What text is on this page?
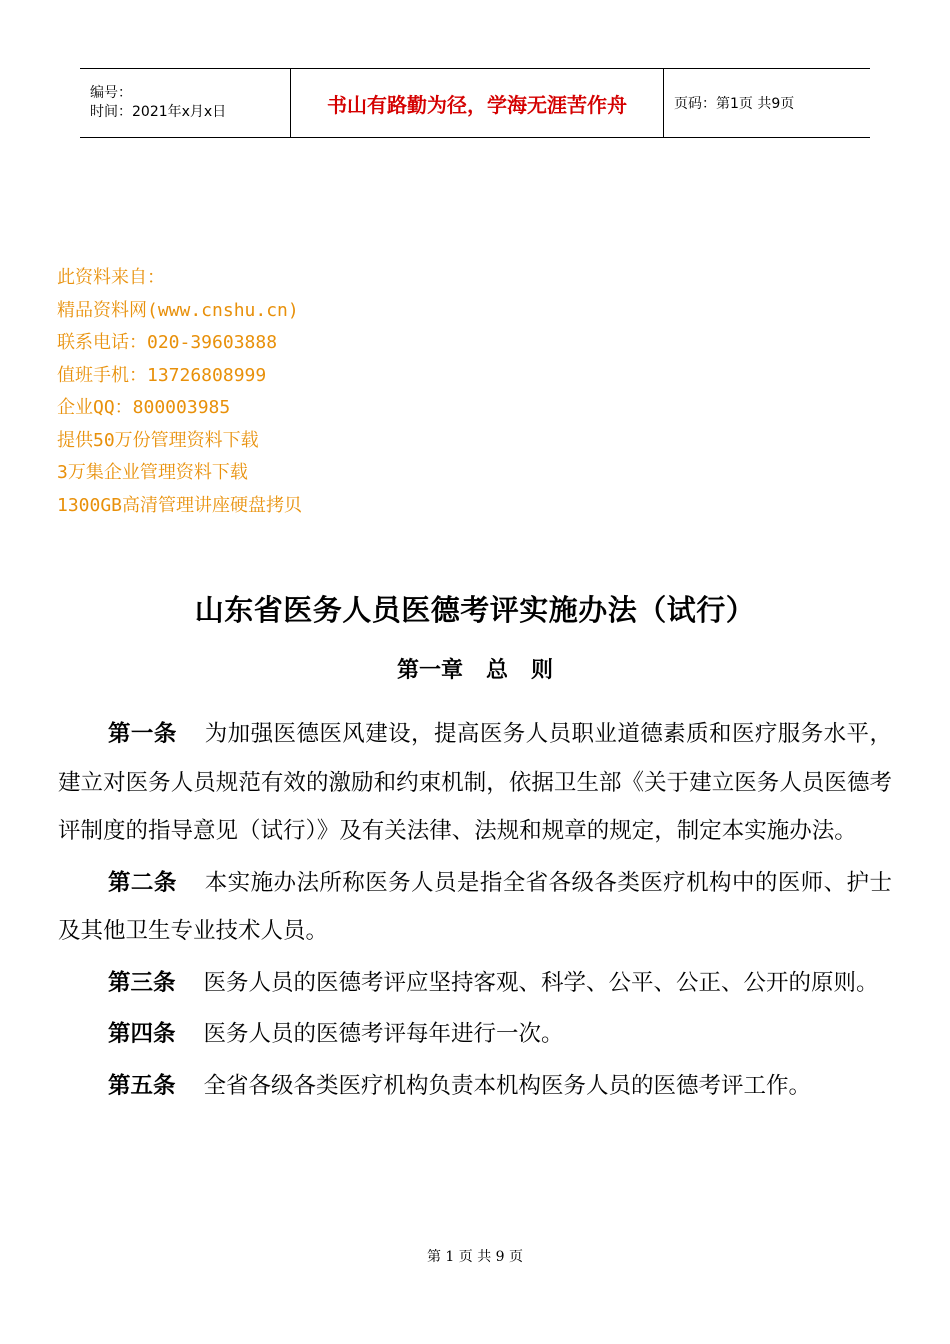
编号：
时间：2021年x月x日	书山有路勤为径，学海无涯苦作舟	页码：第1页 共9页
此资料来自：
精品资料网(www.cnshu.cn)
联系电话：020-39603888
值班手机：13726808999
企业QQ：800003985
提供50万份管理资料下载
3万集企业管理资料下载
1300GB高清管理讲座硬盘拷贝
山东省医务人员医德考评实施办法（试行）
第一章   总   则

第一条 为加强医德医风建设，提高医务人员职业道德素质和医疗服务水平，建立对医务人员规范有效的激励和约束机制，依据卫生部《关于建立医务人员医德考评制度的指导意见（试行）》及有关法律、法规和规章的规定，制定本实施办法。

第二条 本实施办法所称医务人员是指全省各级各类医疗机构中的医师、护士及其他卫生专业技术人员。

第三条 医务人员的医德考评应坚持客观、科学、公平、公正、公开的原则。

第四条 医务人员的医德考评每年进行一次。

第五条 全省各级各类医疗机构负责本机构医务人员的医德考评工作。

第 1 页 共 9 页
